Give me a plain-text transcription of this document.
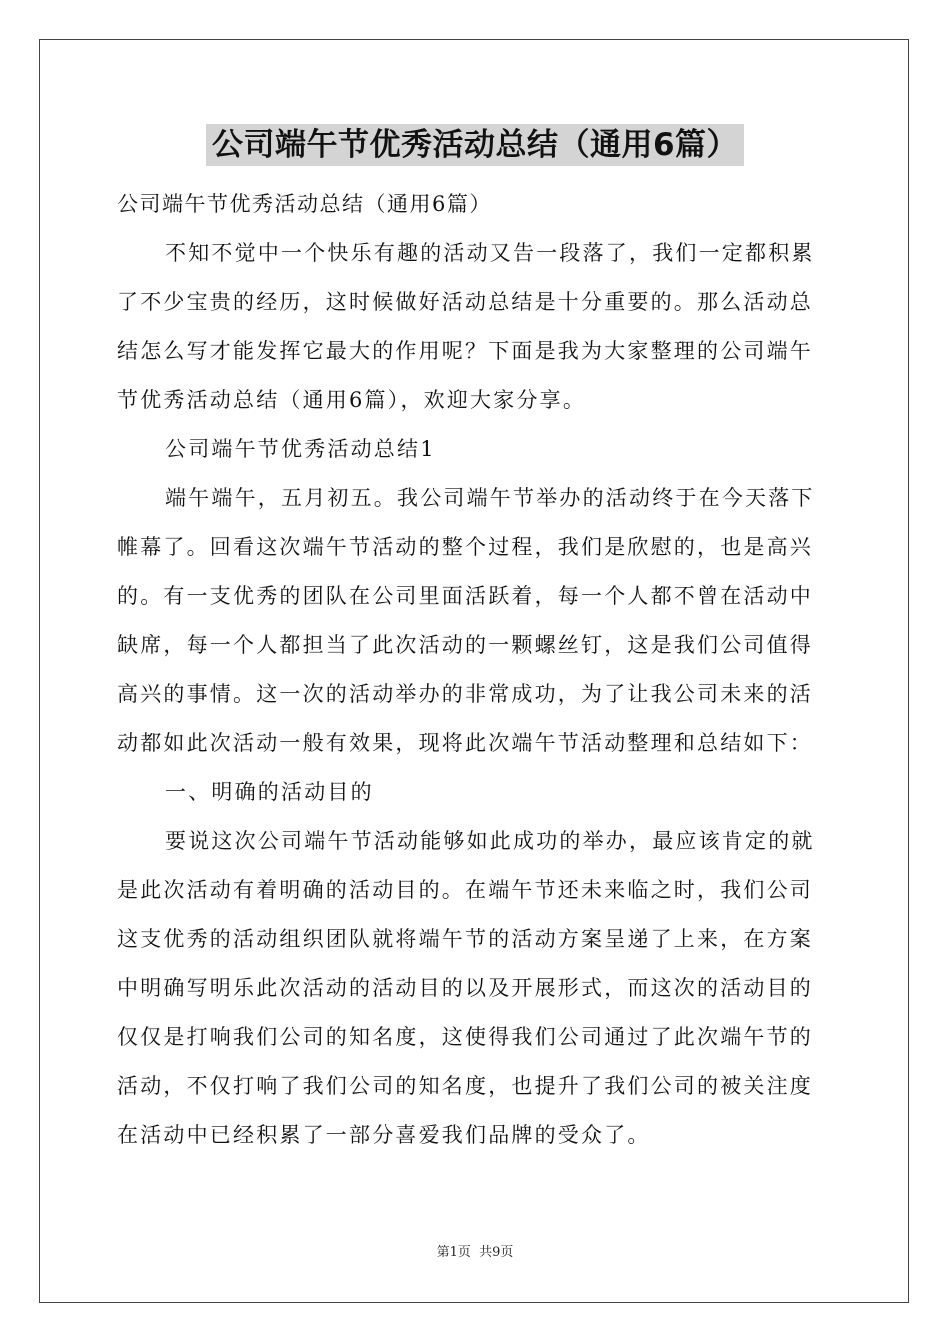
公司端午节优秀活动总结（通用6篇）
公司端午节优秀活动总结（通用6篇）
不知不觉中一个快乐有趣的活动又告一段落了，我们一定都积累
了不少宝贵的经历，这时候做好活动总结是十分重要的。那么活动总
结怎么写才能发挥它最大的作用呢？下面是我为大家整理的公司端午
节优秀活动总结（通用6篇），欢迎大家分享。
公司端午节优秀活动总结1
端午端午，五月初五。我公司端午节举办的活动终于在今天落下
帷幕了。回看这次端午节活动的整个过程，我们是欣慰的，也是高兴
的。有一支优秀的团队在公司里面活跃着，每一个人都不曾在活动中
缺席，每一个人都担当了此次活动的一颗螺丝钉，这是我们公司值得
高兴的事情。这一次的活动举办的非常成功，为了让我公司未来的活
动都如此次活动一般有效果，现将此次端午节活动整理和总结如下：
一、明确的活动目的
要说这次公司端午节活动能够如此成功的举办，最应该肯定的就
是此次活动有着明确的活动目的。在端午节还未来临之时，我们公司
这支优秀的活动组织团队就将端午节的活动方案呈递了上来，在方案
中明确写明乐此次活动的活动目的以及开展形式，而这次的活动目的
仅仅是打响我们公司的知名度，这使得我们公司通过了此次端午节的
活动，不仅打响了我们公司的知名度，也提升了我们公司的被关注度
在活动中已经积累了一部分喜爱我们品牌的受众了。
第1页 共9页
